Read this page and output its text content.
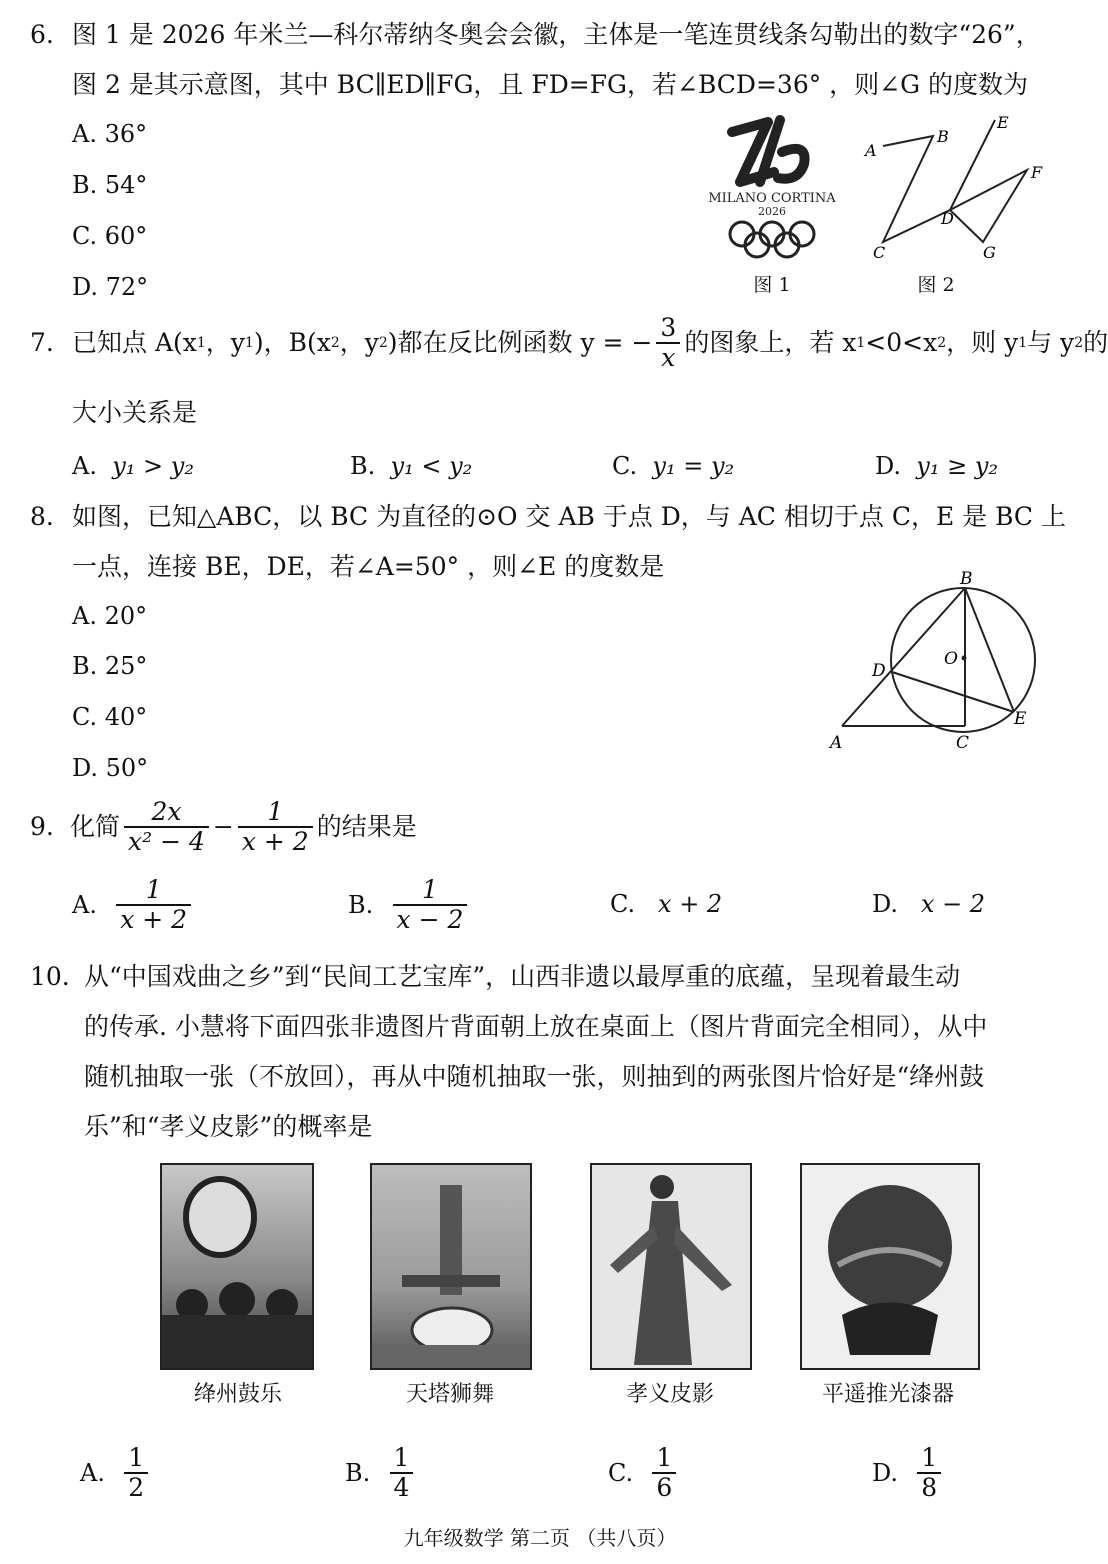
6. 图 1 是 2026 年米兰—科尔蒂纳冬奥会会徽，主体是一笔连贯线条勾勒出的数字“26”，
图 2 是其示意图，其中 BC∥ED∥FG，且 FD=FG，若∠BCD=36° ，则∠G 的度数为
A. 36°
B. 54°
C. 60°
D. 72°
MILANO CORTINA
2026
图 1
A
B
C
D
E
F
G
图 2
7. 已知点 A(x 1 ，y 1 )，B(x 2 ，y 2 )都在反比例函数 y = − $\frac{3}{x}$ 的图象上，若 x 1 <0<x 2 ，则 y 1 与 y 2 的
大小关系是
A. y₁ > y₂	B. y₁ < y₂	C. y₁ = y₂	D. y₁ ≥ y₂
8. 如图，已知△ABC，以 BC 为直径的⊙O 交 AB 于点 D，与 AC 相切于点 C，E 是 BC 上
一点，连接 BE，DE，若∠A=50° ，则∠E 的度数是
A. 20°
B. 25°
C. 40°
D. 50°
B
D
O
E
A	C
9. 化简 $\frac{2x}{\text{x² − 4}} - \frac{1}{x + 2}$ 的结果是
A.
$\frac{1}{x + 2}$	B.
$\frac{1}{x - 2}$	C. x + 2	D. x − 2
10. 从“中国戏曲之乡”到“民间工艺宝库”，山西非遗以最厚重的底蕴，呈现着最生动
的传承. 小慧将下面四张非遗图片背面朝上放在桌面上（图片背面完全相同），从中
随机抽取一张（不放回），再从中随机抽取一张，则抽到的两张图片恰好是“绛州鼓
乐”和“孝义皮影”的概率是
绛州鼓乐	天塔狮舞	孝义皮影	平遥推光漆器
A.
$\frac{1}{2}$	B.
$\frac{1}{4}$	C.
$\frac{1}{6}$	D.
$\frac{1}{8}$
九年级数学 第二页 （共八页）
